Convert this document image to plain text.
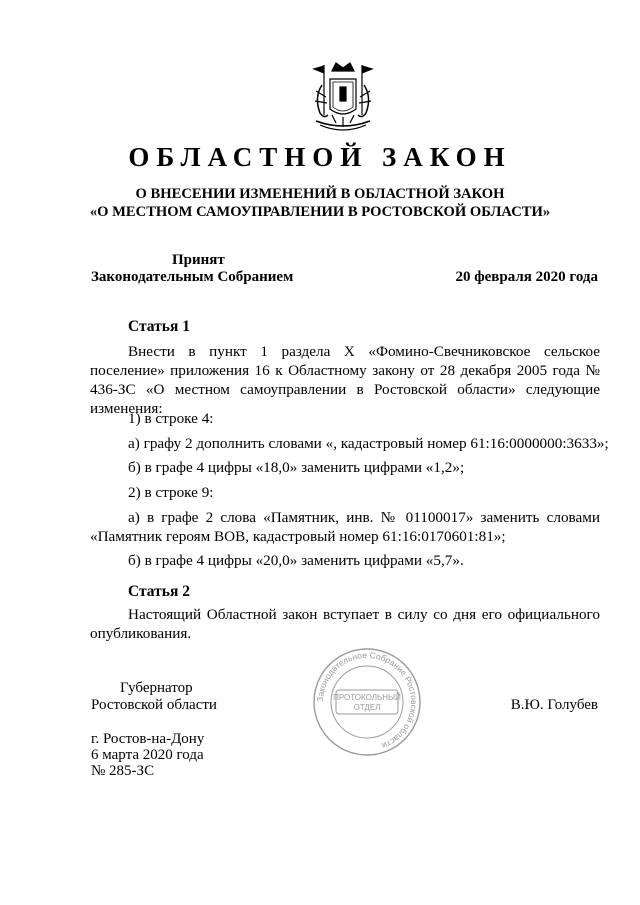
ОБЛАСТНОЙ ЗАКОН
О ВНЕСЕНИИ ИЗМЕНЕНИЙ В ОБЛАСТНОЙ ЗАКОН
«О МЕСТНОМ САМОУПРАВЛЕНИИ В РОСТОВСКОЙ ОБЛАСТИ»
Принят
Законодательным Собранием	20 февраля 2020 года
Статья 1
Внести в пункт 1 раздела X «Фомино-Свечниковское сельское поселение» приложения 16 к Областному закону от 28 декабря 2005 года № 436-ЗС «О местном самоуправлении в Ростовской области» следующие изменения:
1) в строке 4:
а) графу 2 дополнить словами «, кадастровый номер 61:16:0000000:3633»;
б) в графе 4 цифры «18,0» заменить цифрами «1,2»;
2) в строке 9:
а) в графе 2 слова «Памятник, инв. № 01100017» заменить словами «Памятник героям ВОВ, кадастровый номер 61:16:0170601:81»;
б) в графе 4 цифры «20,0» заменить цифрами «5,7».
Статья 2
Настоящий Областной закон вступает в силу со дня его официального опубликования.
Законодательное Собрание Ростовской области
ПРОТОКОЛЬНЫЙ
ОТДЕЛ
Губернатор
Ростовской области	В.Ю. Голубев
г. Ростов-на-Дону
6 марта 2020 года
№ 285-ЗС
